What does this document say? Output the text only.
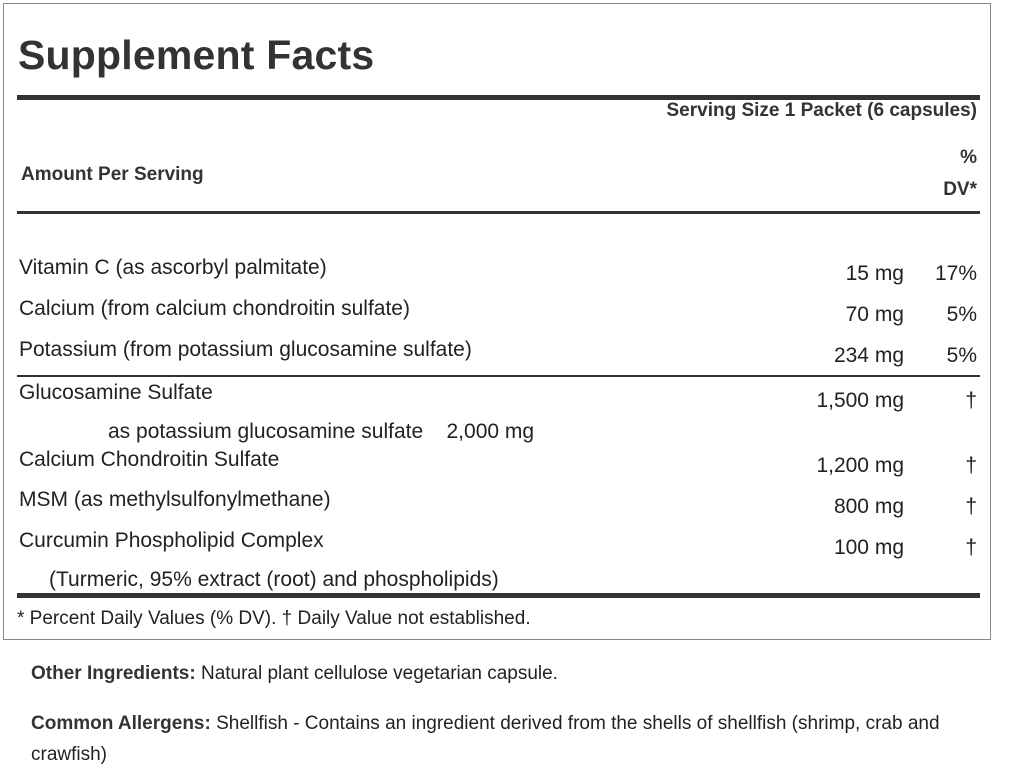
Supplement Facts
Serving Size 1 Packet (6 capsules)
Amount Per Serving
%
DV*
Vitamin C (as ascorbyl palmitate)	15 mg 17%
Calcium (from calcium chondroitin sulfate)	70 mg 5%
Potassium (from potassium glucosamine sulfate)	234 mg 5%
Glucosamine Sulfate	1,500 mg	†
as potassium glucosamine sulfate    2,000 mg
Calcium Chondroitin Sulfate	1,200 mg	†
MSM (as methylsulfonylmethane)	800 mg	†
Curcumin Phospholipid Complex	100 mg	†
(Turmeric, 95% extract (root) and phospholipids)
* Percent Daily Values (% DV). † Daily Value not established.
Other Ingredients: Natural plant cellulose vegetarian capsule.
Common Allergens: Shellfish - Contains an ingredient derived from the shells of shellfish (shrimp, crab and crawfish)
